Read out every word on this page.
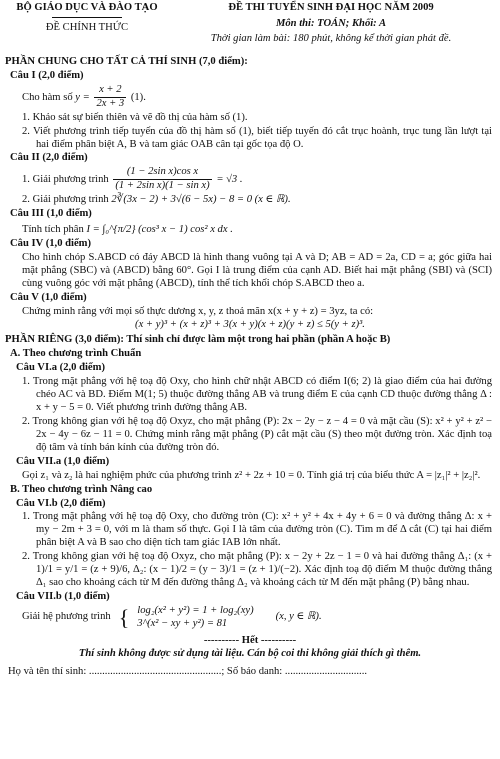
BỘ GIÁO DỤC VÀ ĐÀO TẠO
ĐỀ CHÍNH THỨC
ĐỀ THI TUYỂN SINH ĐẠI HỌC NĂM 2009
Môn thi: TOÁN; Khối: A
Thời gian làm bài: 180 phút, không kể thời gian phát đề.
PHẦN CHUNG CHO TẤT CẢ THÍ SINH (7,0 điểm):
Câu I (2,0 điểm)
Cho hàm số $y = \frac{x + 2}{2x + 3} (1)$.
1. Khảo sát sự biến thiên và vẽ đồ thị của hàm số (1).
2. Viết phương trình tiếp tuyến của đồ thị hàm số (1), biết tiếp tuyến đó cắt trục hoành, trục tung lần lượt tại hai điểm phân biệt A, B và tam giác OAB cân tại gốc tọa độ O.
Câu II (2,0 điểm)
1. Giải phương trình $\frac{\text{(1 − 2sin x)cos x}}{\text{(1 + 2sin x)(1 − sin x)}} = √3$ .
2. Giải phương trình 2∛(3x − 2) + 3√(6 − 5x) − 8 = 0 (x ∈ ℝ).
Câu III (1,0 điểm)
Tính tích phân I = ∫₀^{π/2} (cos³ x − 1) cos² x dx .
Câu IV (1,0 điểm)
Cho hình chóp S.ABCD có đáy ABCD là hình thang vuông tại A và D; AB = AD = 2a, CD = a; góc giữa hai mặt phẳng (SBC) và (ABCD) bằng 60°. Gọi I là trung điểm của cạnh AD. Biết hai mặt phẳng (SBI) và (SCI) cùng vuông góc với mặt phẳng (ABCD), tính thể tích khối chóp S.ABCD theo a.
Câu V (1,0 điểm)
Chứng minh rằng với mọi số thực dương x, y, z thoả mãn x(x + y + z) = 3yz, ta có:
(x + y)³ + (x + z)³ + 3(x + y)(x + z)(y + z) ≤ 5(y + z)³.
PHẦN RIÊNG (3,0 điểm): Thí sinh chỉ được làm một trong hai phần (phần A hoặc B)
A. Theo chương trình Chuẩn
Câu VI.a (2,0 điểm)
1. Trong mặt phẳng với hệ toạ độ Oxy, cho hình chữ nhật ABCD có điểm I(6; 2) là giao điểm của hai đường chéo AC và BD. Điểm M(1; 5) thuộc đường thẳng AB và trung điểm E của cạnh CD thuộc đường thẳng Δ : x + y − 5 = 0. Viết phương trình đường thẳng AB.
2. Trong không gian với hệ toạ độ Oxyz, cho mặt phẳng (P): 2x − 2y − z − 4 = 0 và mặt cầu (S): x² + y² + z² − 2x − 4y − 6z − 11 = 0. Chứng minh rằng mặt phẳng (P) cắt mặt cầu (S) theo một đường tròn. Xác định toạ độ tâm và tính bán kính của đường tròn đó.
Câu VII.a (1,0 điểm)
Gọi z₁ và z₂ là hai nghiệm phức của phương trình z² + 2z + 10 = 0. Tính giá trị của biểu thức A = |z₁|² + |z₂|².
B. Theo chương trình Nâng cao
Câu VI.b (2,0 điểm)
1. Trong mặt phẳng với hệ toạ độ Oxy, cho đường tròn (C): x² + y² + 4x + 4y + 6 = 0 và đường thẳng Δ: x + my − 2m + 3 = 0, với m là tham số thực. Gọi I là tâm của đường tròn (C). Tìm m để Δ cắt (C) tại hai điểm phân biệt A và B sao cho diện tích tam giác IAB lớn nhất.
2. Trong không gian với hệ toạ độ Oxyz, cho mặt phẳng (P): x − 2y + 2z − 1 = 0 và hai đường thẳng Δ₁: (x + 1)/1 = y/1 = (z + 9)/6, Δ₂: (x − 1)/2 = (y − 3)/1 = (z + 1)/(−2). Xác định toạ độ điểm M thuộc đường thẳng Δ₁ sao cho khoảng cách từ M đến đường thẳng Δ₂ và khoảng cách từ M đến mặt phẳng (P) bằng nhau.
Câu VII.b (1,0 điểm)
Giải hệ phương trình { log₂(x² + y²) = 1 + log₂(xy)
3^(x² − xy + y²) = 81
(x, y ∈ ℝ).
---------- Hết ----------
Thí sinh không được sử dụng tài liệu. Cán bộ coi thi không giải thích gì thêm.
Họ và tên thí sinh: ..................................................; Số báo danh: ...............................
